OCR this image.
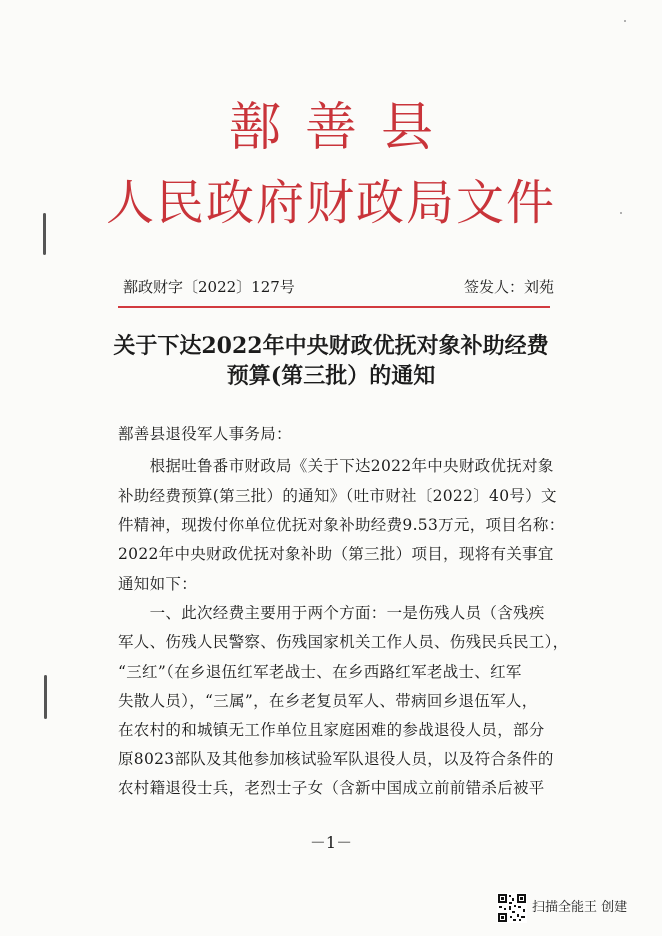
鄯善县
人民政府财政局文件
鄯政财字〔2022〕127号	签发人：刘苑
关于下达2022年中央财政优抚对象补助经费
预算(第三批）的通知
鄯善县退役军人事务局：
　　根据吐鲁番市财政局《关于下达2022年中央财政优抚对象
补助经费预算(第三批）的通知》（吐市财社〔2022〕40号）文
件精神，现拨付你单位优抚对象补助经费9.53万元，项目名称：
2022年中央财政优抚对象补助（第三批）项目，现将有关事宜
通知如下：
　　一、此次经费主要用于两个方面：一是伤残人员（含残疾
军人、伤残人民警察、伤残国家机关工作人员、伤残民兵民工），
“三红”（在乡退伍红军老战士、在乡西路红军老战士、红军
失散人员），“三属”，在乡老复员军人、带病回乡退伍军人，
在农村的和城镇无工作单位且家庭困难的参战退役人员，部分
原8023部队及其他参加核试验军队退役人员，以及符合条件的
农村籍退役士兵，老烈士子女（含新中国成立前前错杀后被平
－1－
扫描全能王 创建
